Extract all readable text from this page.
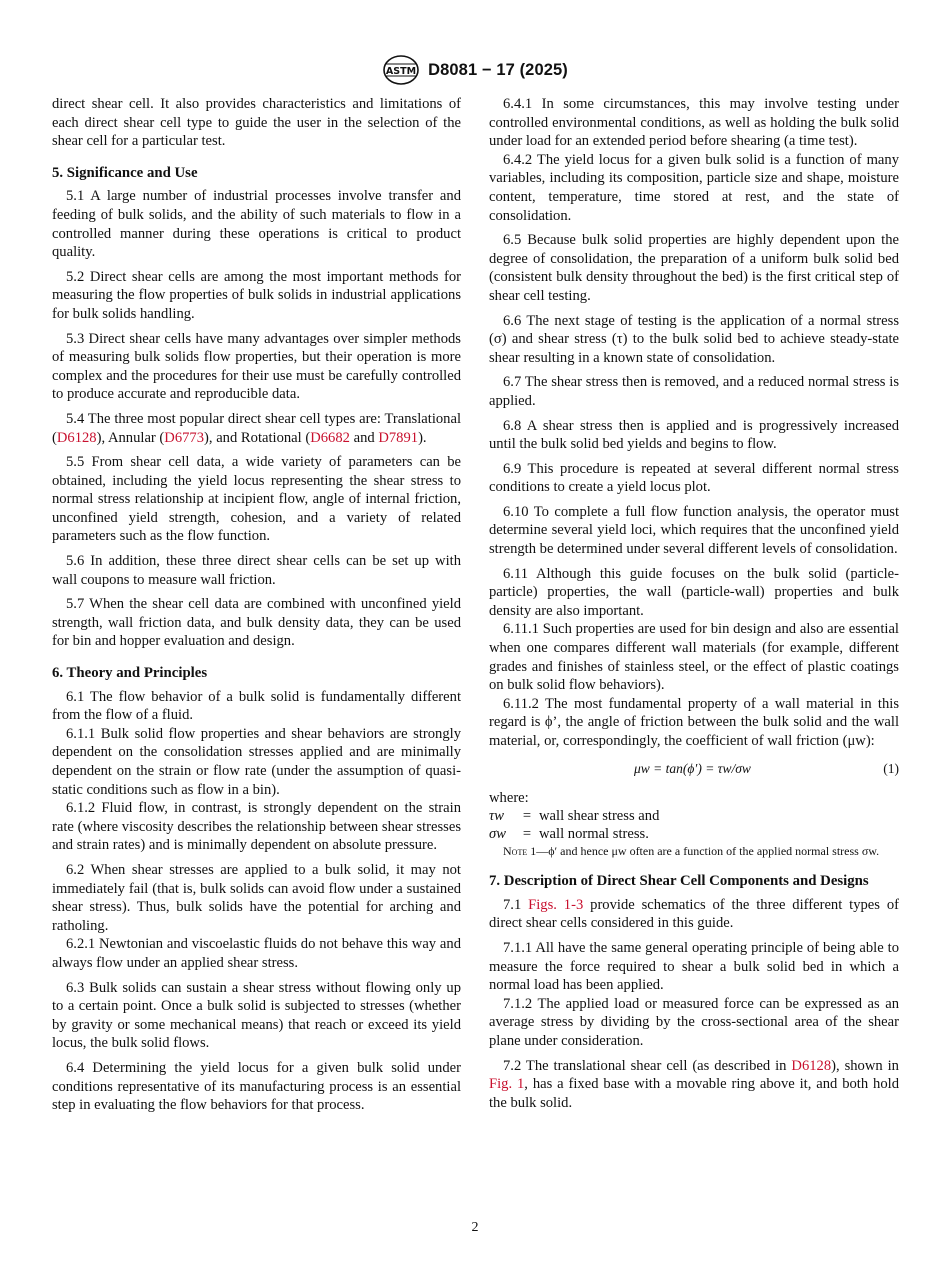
ASTM D8081 − 17 (2025)

direct shear cell. It also provides characteristics and limitations of each direct shear cell type to guide the user in the selection of the shear cell for a particular test.

5. Significance and Use

5.1 A large number of industrial processes involve transfer and feeding of bulk solids, and the ability of such materials to flow in a controlled manner during these operations is critical to product quality.

5.2 Direct shear cells are among the most important methods for measuring the flow properties of bulk solids in industrial applications for bulk solids handling.

5.3 Direct shear cells have many advantages over simpler methods of measuring bulk solids flow properties, but their operation is more complex and the procedures for their use must be carefully controlled to produce accurate and reproducible data.

5.4 The three most popular direct shear cell types are: Translational (D6128), Annular (D6773), and Rotational (D6682 and D7891).

5.5 From shear cell data, a wide variety of parameters can be obtained, including the yield locus representing the shear stress to normal stress relationship at incipient flow, angle of internal friction, unconfined yield strength, cohesion, and a variety of related parameters such as the flow function.

5.6 In addition, these three direct shear cells can be set up with wall coupons to measure wall friction.

5.7 When the shear cell data are combined with unconfined yield strength, wall friction data, and bulk density data, they can be used for bin and hopper evaluation and design.

6. Theory and Principles

6.1 The flow behavior of a bulk solid is fundamentally different from the flow of a fluid.

6.1.1 Bulk solid flow properties and shear behaviors are strongly dependent on the consolidation stresses applied and are minimally dependent on the strain or flow rate (under the assumption of quasi-static conditions such as flow in a bin).

6.1.2 Fluid flow, in contrast, is strongly dependent on the strain rate (where viscosity describes the relationship between shear stresses and strain rates) and is minimally dependent on absolute pressure.

6.2 When shear stresses are applied to a bulk solid, it may not immediately fail (that is, bulk solids can avoid flow under a sustained shear stress). Thus, bulk solids have the potential for arching and ratholing.

6.2.1 Newtonian and viscoelastic fluids do not behave this way and always flow under an applied shear stress.

6.3 Bulk solids can sustain a shear stress without flowing only up to a certain point. Once a bulk solid is subjected to stresses (whether by gravity or some mechanical means) that reach or exceed its yield locus, the bulk solid flows.

6.4 Determining the yield locus for a given bulk solid under conditions representative of its manufacturing process is an essential step in evaluating the flow behaviors for that process.

6.4.1 In some circumstances, this may involve testing under controlled environmental conditions, as well as holding the bulk solid under load for an extended period before shearing (a time test).

6.4.2 The yield locus for a given bulk solid is a function of many variables, including its composition, particle size and shape, moisture content, temperature, time stored at rest, and the state of consolidation.

6.5 Because bulk solid properties are highly dependent upon the degree of consolidation, the preparation of a uniform bulk solid bed (consistent bulk density throughout the bed) is the first critical step of shear cell testing.

6.6 The next stage of testing is the application of a normal stress (σ) and shear stress (τ) to the bulk solid bed to achieve steady-state shear resulting in a known state of consolidation.

6.7 The shear stress then is removed, and a reduced normal stress is applied.

6.8 A shear stress then is applied and is progressively increased until the bulk solid bed yields and begins to flow.

6.9 This procedure is repeated at several different normal stress conditions to create a yield locus plot.

6.10 To complete a full flow function analysis, the operator must determine several yield loci, which requires that the unconfined yield strength be determined under several different levels of consolidation.

6.11 Although this guide focuses on the bulk solid (particle-particle) properties, the wall (particle-wall) properties and bulk density are also important.

6.11.1 Such properties are used for bin design and also are essential when one compares different wall materials (for example, different grades and finishes of stainless steel, or the effect of plastic coatings on bulk solid flow behaviors).

6.11.2 The most fundamental property of a wall material in this regard is ϕ’, the angle of friction between the bulk solid and the wall material, or, correspondingly, the coefficient of wall friction (μw):

μw = tan(ϕ′) = τw/σw	(1)

where:

τw	= wall shear stress and
σw	= wall normal stress.

Note 1—ϕ′ and hence μw often are a function of the applied normal stress σw.

7. Description of Direct Shear Cell Components and Designs

7.1 Figs. 1-3 provide schematics of the three different types of direct shear cells considered in this guide.

7.1.1 All have the same general operating principle of being able to measure the force required to shear a bulk solid bed in which a normal load has been applied.

7.1.2 The applied load or measured force can be expressed as an average stress by dividing by the cross-sectional area of the shear plane under consideration.

7.2 The translational shear cell (as described in D6128), shown in Fig. 1, has a fixed base with a movable ring above it, and both hold the bulk solid.

2
